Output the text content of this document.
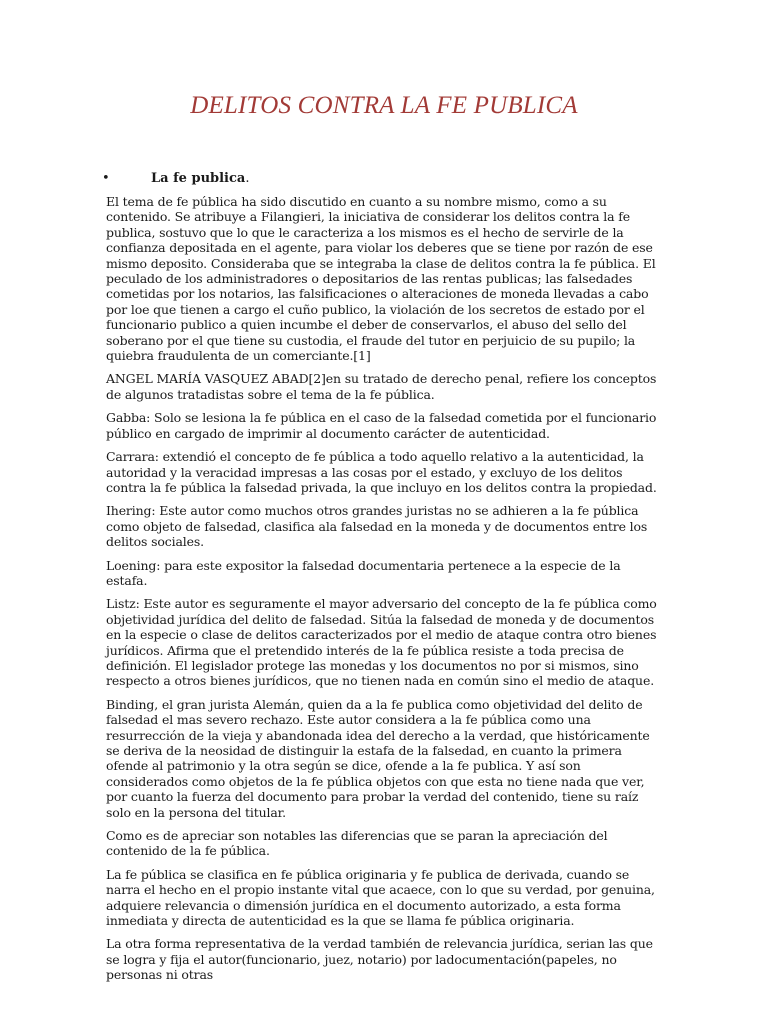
DELITOS CONTRA LA FE PUBLICA
•	La fe publica.

El tema de fe pública ha sido discutido en cuanto a su nombre mismo, como a su contenido. Se atribuye a Filangieri, la iniciativa de considerar los delitos contra la fe publica, sostuvo que lo que le caracteriza a los mismos es el hecho de servirle de la confianza depositada en el agente, para violar los deberes que se tiene por razón de ese mismo deposito. Consideraba que se integraba la clase de delitos contra la fe pública. El peculado de los administradores o depositarios de las rentas publicas; las falsedades cometidas por los notarios, las falsificaciones o alteraciones de moneda llevadas a cabo por loe que tienen a cargo el cuño publico, la violación de los secretos de estado por el funcionario publico a quien incumbe el deber de conservarlos, el abuso del sello del soberano por el que tiene su custodia, el fraude del tutor en perjuicio de su pupilo; la quiebra fraudulenta de un comerciante.[1]

ANGEL MARÍA VASQUEZ ABAD[2]en su tratado de derecho penal, refiere los conceptos de algunos tratadistas sobre el tema de la fe pública.

Gabba: Solo se lesiona la fe pública en el caso de la falsedad cometida por el funcionario público en cargado de imprimir al documento carácter de autenticidad.

Carrara: extendió el concepto de fe pública a todo aquello relativo a la autenticidad, la autoridad y la veracidad impresas a las cosas por el estado, y excluyo de los delitos contra la fe pública la falsedad privada, la que incluyo en los delitos contra la propiedad.

Ihering: Este autor como muchos otros grandes juristas no se adhieren a la fe pública como objeto de falsedad, clasifica ala falsedad en la moneda y de documentos entre los delitos sociales.

Loening: para este expositor la falsedad documentaria pertenece a la especie de la estafa.

Listz: Este autor es seguramente el mayor adversario del concepto de la fe pública como objetividad jurídica del delito de falsedad. Sitúa la falsedad de moneda y de documentos en la especie o clase de delitos caracterizados por el medio de ataque contra otro bienes jurídicos. Afirma que el pretendido interés de la fe pública resiste a toda precisa de definición. El legislador protege las monedas y los documentos no por si mismos, sino respecto a otros bienes jurídicos, que no tienen nada en común sino el medio de ataque.

Binding, el gran jurista Alemán, quien da a la fe publica como objetividad del delito de falsedad el mas severo rechazo. Este autor considera a la fe pública como una resurrección de la vieja y abandonada idea del derecho a la verdad, que históricamente se deriva de la neosidad de distinguir la estafa de la falsedad, en cuanto la primera ofende al patrimonio y la otra según se dice, ofende a la fe publica. Y así son considerados como objetos de la fe pública objetos con que esta no tiene nada que ver, por cuanto la fuerza del documento para probar la verdad del contenido, tiene su raíz solo en la persona del titular.

Como es de apreciar son notables las diferencias que se paran la apreciación del contenido de la fe pública.

La fe pública se clasifica en fe pública originaria y fe publica de derivada, cuando se narra el hecho en el propio instante vital que acaece, con lo que su verdad, por genuina, adquiere relevancia o dimensión jurídica en el documento autorizado, a esta forma inmediata y directa de autenticidad es la que se llama fe pública originaria.

La otra forma representativa de la verdad también de relevancia jurídica, serian las que se logra y fija el autor(funcionario, juez, notario) por ladocumentación(papeles, no personas ni otras
